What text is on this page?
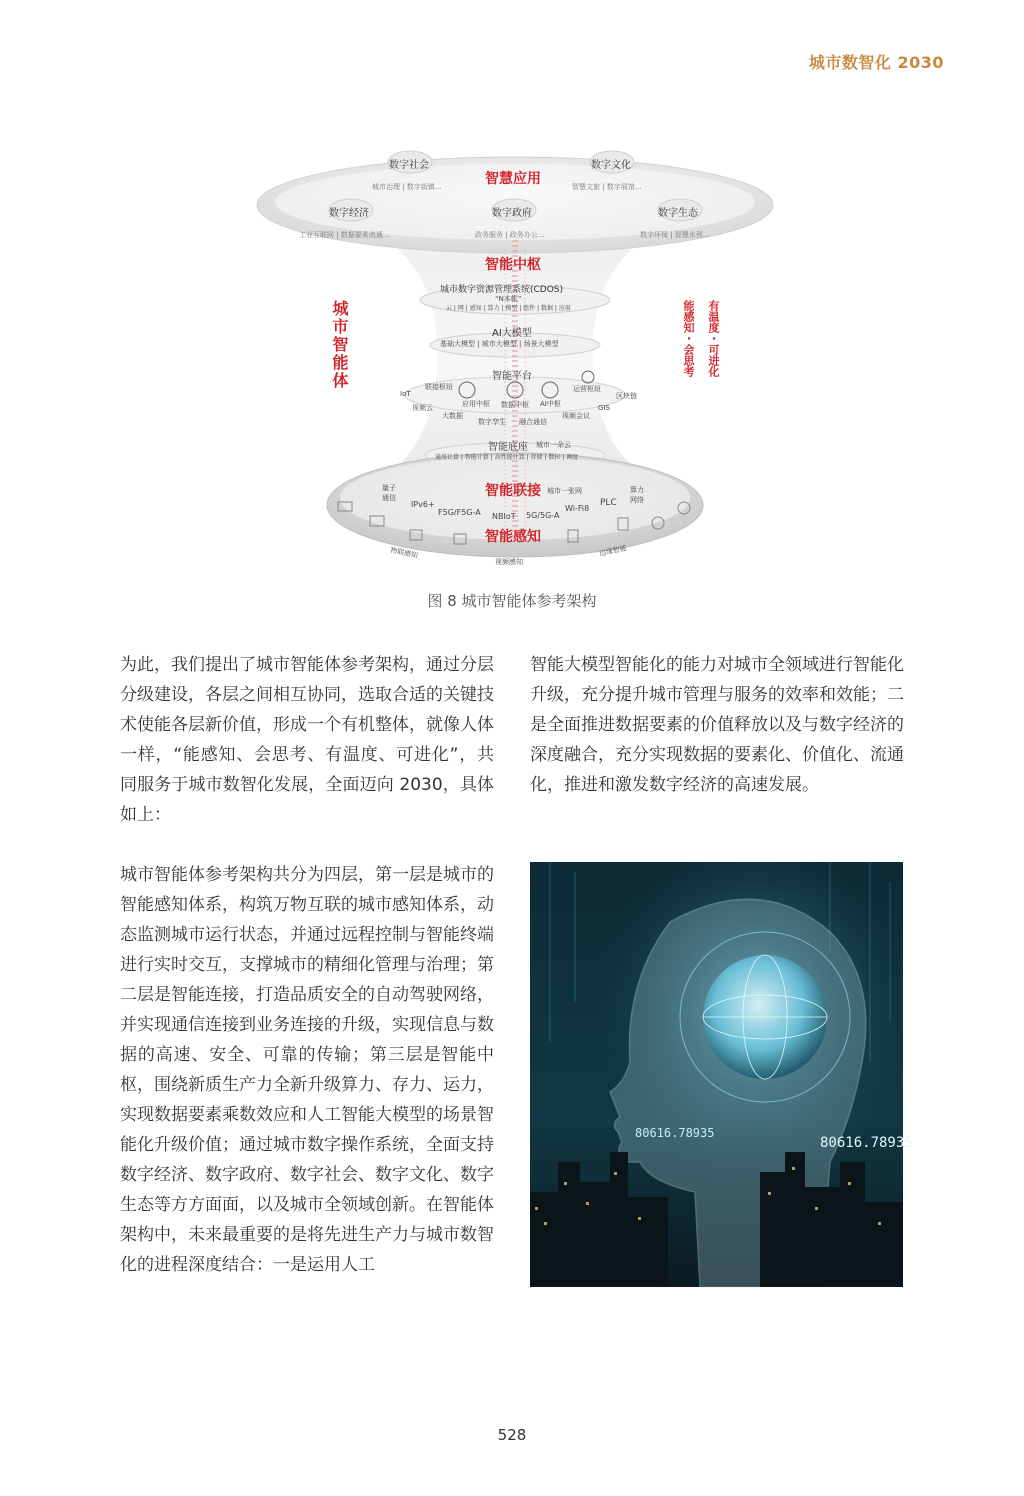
城市数智化 2030
数字社会
城市治理 | 数字街镇…
数字文化
智慧文旅 | 数字展馆…
智慧应用
数字经济
工业互联网 | 数据要素流通…
数字政府
政务服务 | 政务办公…
数字生态
数字环保 | 智慧水利…
智能中枢
城市数字资源管理系统(CDOS)
“N本帐”
云 | 网 | 感知 | 算力 | 模型 | 组件 | 数据 | 应用
AI大模型
基础大模型 | 城市大模型 | 场景大模型
智能平台
IoT
联接枢纽
视频云
大数据
应用中枢 数据中枢 AI中枢
数字孪生 融合通信
视频会议
运营枢纽
区块链
GIS
智能底座 城市一朵云
通用计算 | 智能计算 | 高性能计算 | 存储 | 数拉 | 调度
智能联接 城市一张网
量子通信
IPv6+
F5G/F5G-A NBIoT 5G/5G-A
Wi-Fi8
PLC
算力网络
智能感知
物联感知
视频感知
边缘智能
城市智能体	能感知・会思考 有温度・可进化
图 8 城市智能体参考架构

为此，我们提出了城市智能体参考架构，通过分层分级建设，各层之间相互协同，选取合适的关键技术使能各层新价值，形成一个有机整体，就像人体一样，“能感知、会思考、有温度、可进化”，共同服务于城市数智化发展，全面迈向 2030，具体如上：

城市智能体参考架构共分为四层，第一层是城市的智能感知体系，构筑万物互联的城市感知体系，动态监测城市运行状态，并通过远程控制与智能终端进行实时交互，支撑城市的精细化管理与治理；第二层是智能连接，打造品质安全的自动驾驶网络，并实现通信连接到业务连接的升级，实现信息与数据的高速、安全、可靠的传输；第三层是智能中枢，围绕新质生产力全新升级算力、存力、运力，实现数据要素乘数效应和人工智能大模型的场景智能化升级价值；通过城市数字操作系统，全面支持数字经济、数字政府、数字社会、数字文化、数字生态等方方面面，以及城市全领域创新。在智能体架构中，未来最重要的是将先进生产力与城市数智化的进程深度结合：一是运用人工

智能大模型智能化的能力对城市全领域进行智能化升级，充分提升城市管理与服务的效率和效能；二是全面推进数据要素的价值释放以及与数字经济的深度融合，充分实现数据的要素化、价值化、流通化，推进和激发数字经济的高速发展。

80616.78935
80616.78935
528
